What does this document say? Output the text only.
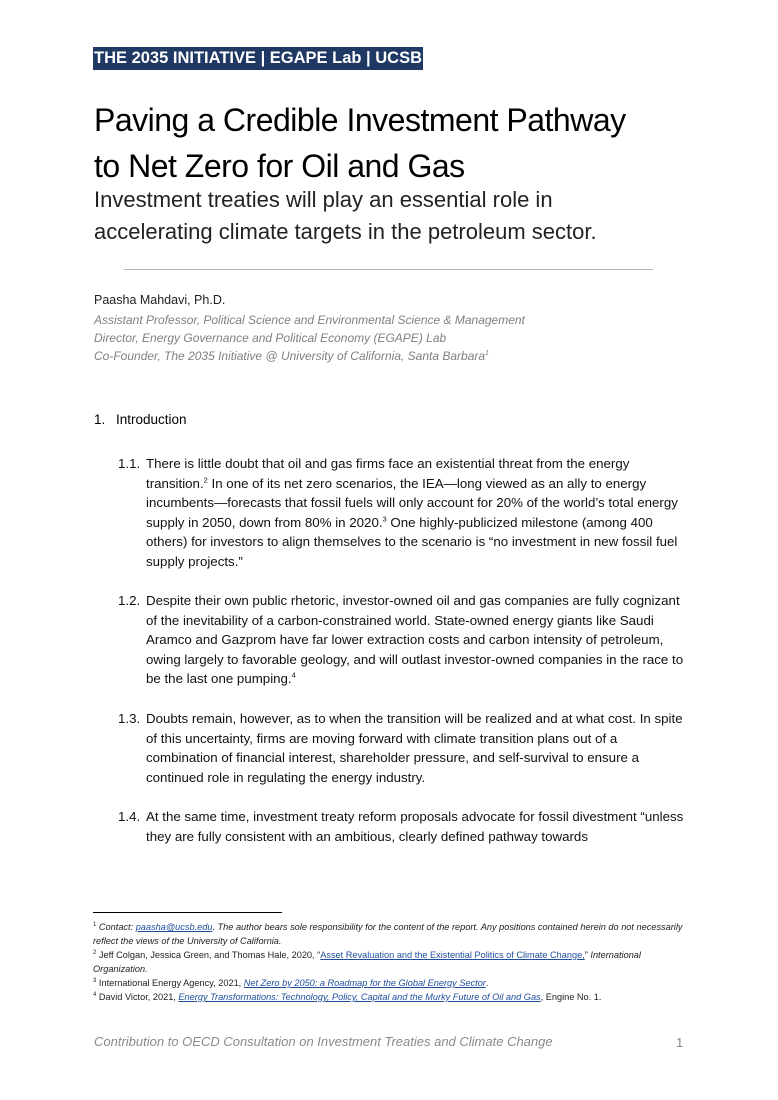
THE 2035 INITIATIVE | EGAPE Lab | UCSB
Paving a Credible Investment Pathway
to Net Zero for Oil and Gas
Investment treaties will play an essential role in
accelerating climate targets in the petroleum sector.
Paasha Mahdavi, Ph.D.
Assistant Professor, Political Science and Environmental Science & Management
Director, Energy Governance and Political Economy (EGAPE) Lab
Co-Founder, The 2035 Initiative @ University of California, Santa Barbara$^1$
1. Introduction
1.1. There is little doubt that oil and gas firms face an existential threat from the energy transition.$^2$ In one of its net zero scenarios, the IEA—long viewed as an ally to energy incumbents—forecasts that fossil fuels will only account for 20% of the world’s total energy supply in 2050, down from 80% in 2020.$^3$ One highly-publicized milestone (among 400 others) for investors to align themselves to the scenario is “no investment in new fossil fuel supply projects.”
1.2. Despite their own public rhetoric, investor-owned oil and gas companies are fully cognizant of the inevitability of a carbon-constrained world. State-owned energy giants like Saudi Aramco and Gazprom have far lower extraction costs and carbon intensity of petroleum, owing largely to favorable geology, and will outlast investor-owned companies in the race to be the last one pumping.$^4$
1.3. Doubts remain, however, as to when the transition will be realized and at what cost. In spite of this uncertainty, firms are moving forward with climate transition plans out of a combination of financial interest, shareholder pressure, and self-survival to ensure a continued role in regulating the energy industry.
1.4. At the same time, investment treaty reform proposals advocate for fossil divestment “unless they are fully consistent with an ambitious, clearly defined pathway towards
$^1$ Contact: paasha@ucsb.edu. The author bears sole responsibility for the content of the report. Any positions contained herein do not necessarily reflect the views of the University of California.
$^2$ Jeff Colgan, Jessica Green, and Thomas Hale, 2020, “Asset Revaluation and the Existential Politics of Climate Change,” International Organization.
$^3$ International Energy Agency, 2021, Net Zero by 2050: a Roadmap for the Global Energy Sector.
$^4$ David Victor, 2021, Energy Transformations: Technology, Policy, Capital and the Murky Future of Oil and Gas, Engine No. 1.
Contribution to OECD Consultation on Investment Treaties and Climate Change	1
